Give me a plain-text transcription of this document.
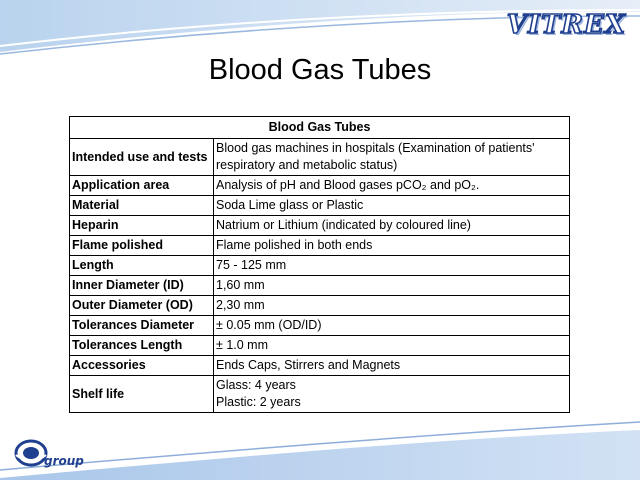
VITREX
Blood Gas Tubes
Blood Gas Tubes	
Intended use and tests	Blood gas machines in hospitals (Examination of patients' respiratory and metabolic status)
Application area	Analysis of pH and Blood gases pCO₂ and pO₂.
Material	Soda Lime glass or Plastic
Heparin	Natrium or Lithium (indicated by coloured line)
Flame polished	Flame polished in both ends
Length	75 - 125 mm
Inner Diameter (ID)	1,60 mm
Outer Diameter (OD)	2,30 mm
Tolerances Diameter	± 0.05 mm (OD/ID)
Tolerances Length	± 1.0 mm
Accessories	Ends Caps, Stirrers and Magnets
Shelf life	Glass: 4 years
Plastic: 2 years
group
